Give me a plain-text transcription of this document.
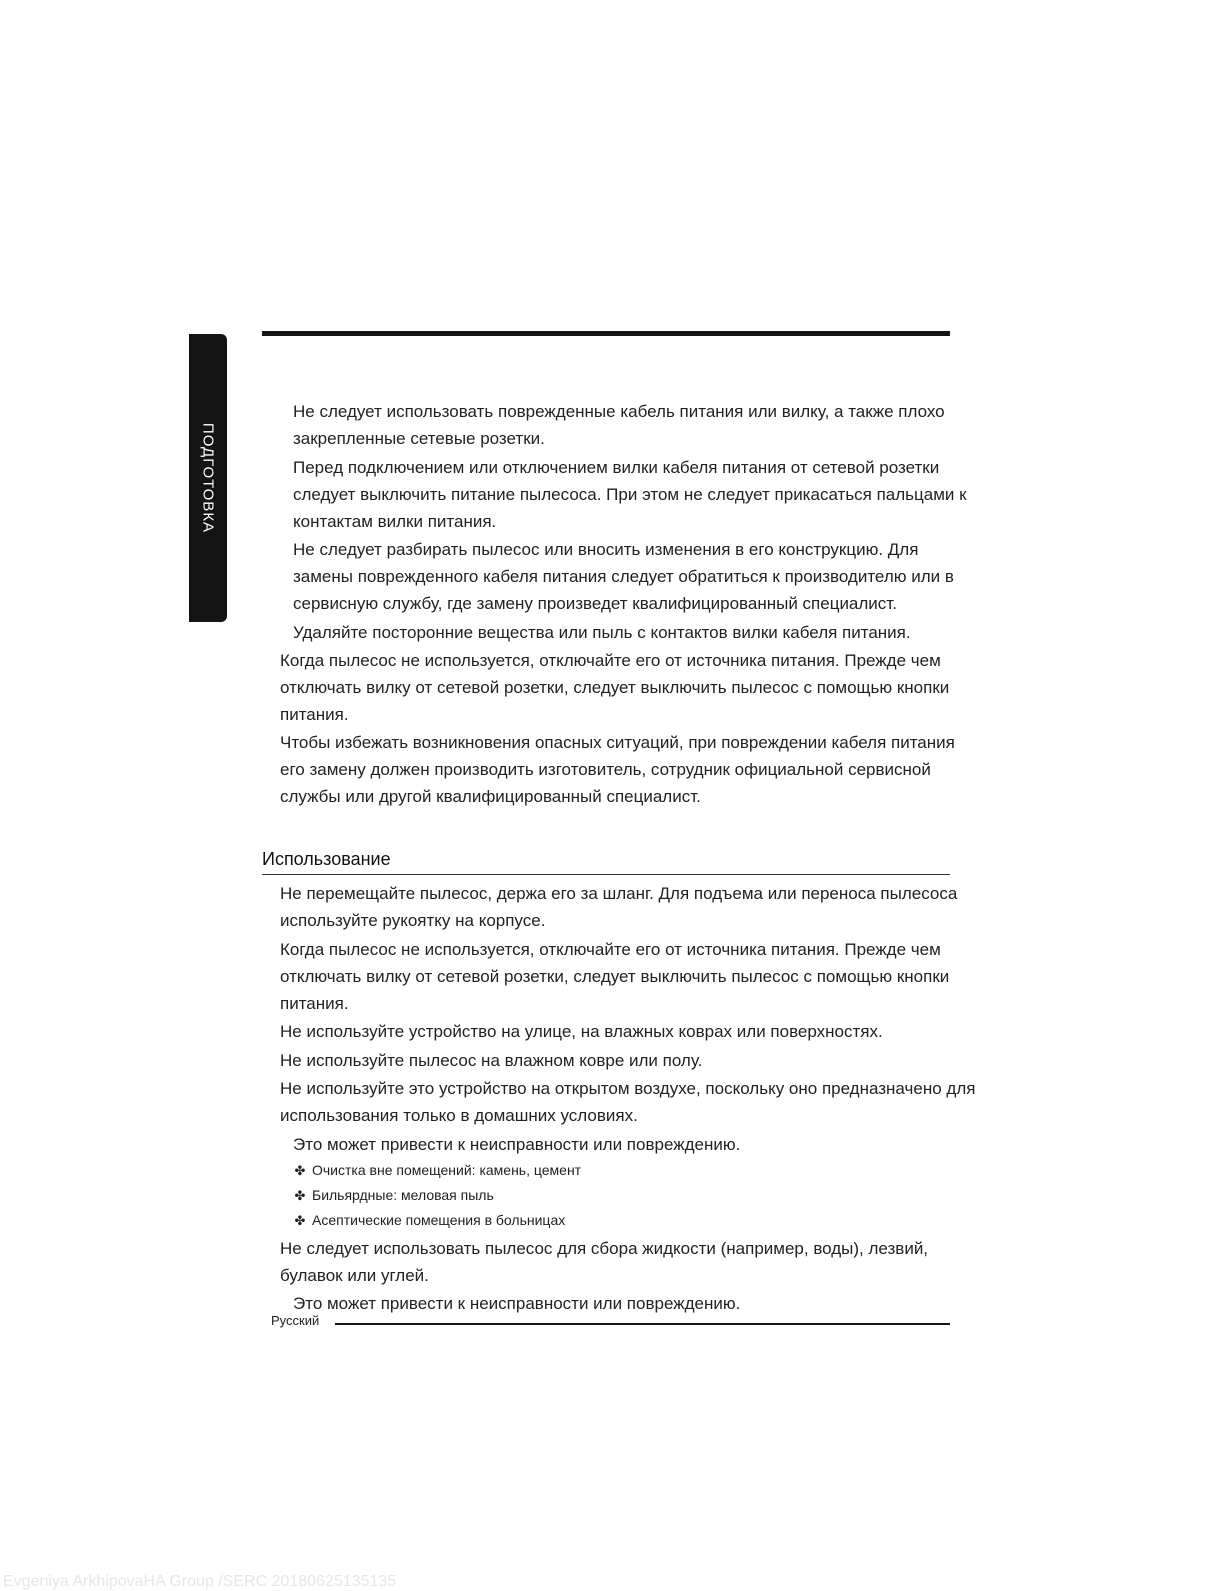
ПОДГОТОВКА
Не следует использовать поврежденные кабель питания или вилку, а также плохо
закрепленные сетевые розетки.
Перед подключением или отключением вилки кабеля питания от сетевой розетки
следует выключить питание пылесоса. При этом не следует прикасаться пальцами к
контактам вилки питания.
Не следует разбирать пылесос или вносить изменения в его конструкцию. Для
замены поврежденного кабеля питания следует обратиться к производителю или в
сервисную службу, где замену произведет квалифицированный специалист.
Удаляйте посторонние вещества или пыль с контактов вилки кабеля питания.
Когда пылесос не используется, отключайте его от источника питания. Прежде чем
отключать вилку от сетевой розетки, следует выключить пылесос с помощью кнопки
питания.
Чтобы избежать возникновения опасных ситуаций, при повреждении кабеля питания
его замену должен производить изготовитель, сотрудник официальной сервисной
службы или другой квалифицированный специалист.
Использование
Не перемещайте пылесос, держа его за шланг. Для подъема или переноса пылесоса
используйте рукоятку на корпусе.
Когда пылесос не используется, отключайте его от источника питания. Прежде чем
отключать вилку от сетевой розетки, следует выключить пылесос с помощью кнопки
питания.
Не используйте устройство на улице, на влажных коврах или поверхностях.
Не используйте пылесос на влажном ковре или полу.
Не используйте это устройство на открытом воздухе, поскольку оно предназначено для
использования только в домашних условиях.
Это может привести к неисправности или повреждению.
✤ Очистка вне помещений: камень, цемент
✤ Бильярдные: меловая пыль
✤ Асептические помещения в больницах
Не следует использовать пылесос для сбора жидкости (например, воды), лезвий,
булавок или углей.
Это может привести к неисправности или повреждению.
Русский
Evgeniya ArkhipovaHA Group /SERC 20180625135135
